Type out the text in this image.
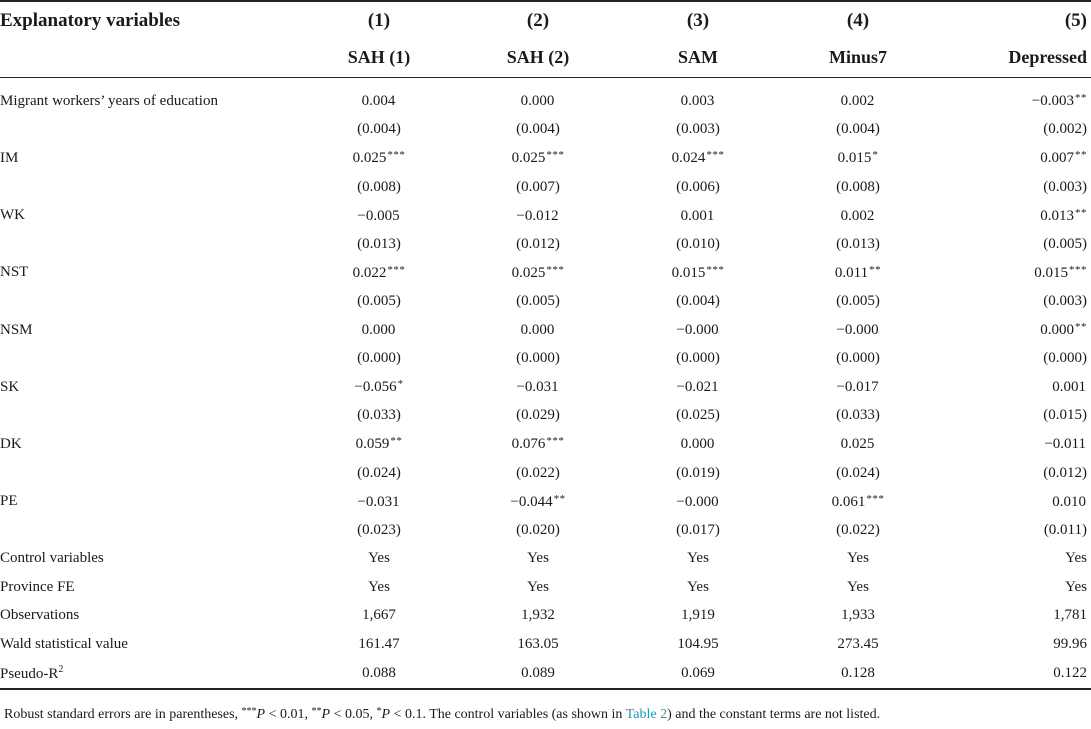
Explanatory variables	(1)	(2)	(3)	(4)	(5)
	SAH (1)	SAH (2)	SAM	Minus7	Depressed

Migrant workers’ years of education	0.004	0.000	0.003	0.002	−0.003**
	(0.004)	(0.004)	(0.003)	(0.004)	(0.002)
IM	0.025***	0.025***	0.024***	0.015*	0.007**
	(0.008)	(0.007)	(0.006)	(0.008)	(0.003)
WK	−0.005	−0.012	0.001	0.002	0.013**
	(0.013)	(0.012)	(0.010)	(0.013)	(0.005)
NST	0.022***	0.025***	0.015***	0.011**	0.015***
	(0.005)	(0.005)	(0.004)	(0.005)	(0.003)
NSM	0.000	0.000	−0.000	−0.000	0.000**
	(0.000)	(0.000)	(0.000)	(0.000)	(0.000)
SK	−0.056*	−0.031	−0.021	−0.017	0.001
	(0.033)	(0.029)	(0.025)	(0.033)	(0.015)
DK	0.059**	0.076***	0.000	0.025	−0.011
	(0.024)	(0.022)	(0.019)	(0.024)	(0.012)
PE	−0.031	−0.044**	−0.000	0.061***	0.010
	(0.023)	(0.020)	(0.017)	(0.022)	(0.011)
Control variables	Yes	Yes	Yes	Yes	Yes
Province FE	Yes	Yes	Yes	Yes	Yes
Observations	1,667	1,932	1,919	1,933	1,781
Wald statistical value	161.47	163.05	104.95	273.45	99.96
Pseudo-$R^2$	0.088	0.089	0.069	0.128	0.122
Robust standard errors are in parentheses, ***P < 0.01, **P < 0.05, *P < 0.1. The control variables (as shown in Table 2) and the constant terms are not listed.
